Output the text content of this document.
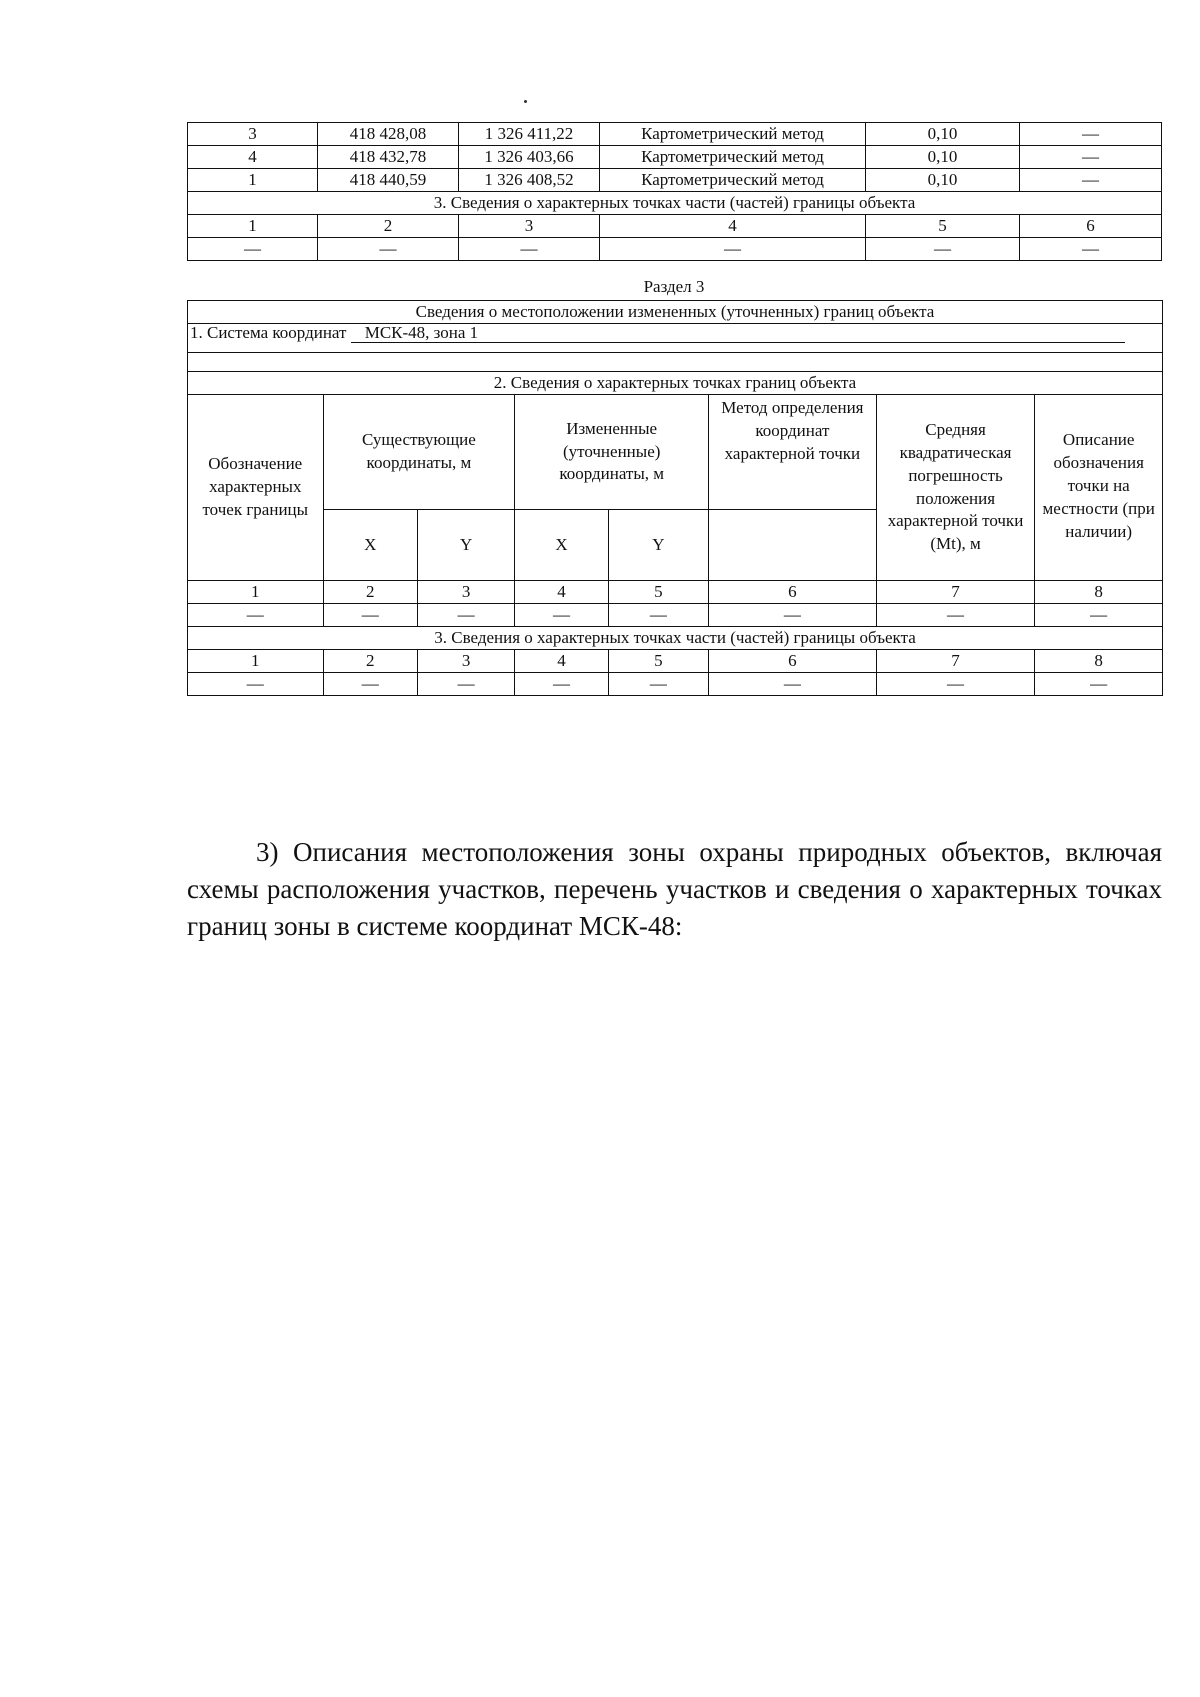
3	418 428,08	1 326 411,22	Картометрический метод	0,10	—
4	418 432,78	1 326 403,66	Картометрический метод	0,10	—
1	418 440,59	1 326 408,52	Картометрический метод	0,10	—
3. Сведения о характерных точках части (частей) границы объекта					
1	2	3	4	5	6
—	—	—	—	—	—
Раздел 3
Сведения о местоположении измененных (уточненных) границ объекта							
1. Система координат МСК-48, зона 1							

2. Сведения о характерных точках границ объекта							
Обозначение характерных точек границы	Существующие координаты, м		Измененные (уточненные) координаты, м		Метод определения координат характерной точки	Средняя квадратическая погрешность положения характерной точки (Mt), м	Описание обозначения точки на местности (при наличии)
	X	Y	X	Y			
1	2	3	4	5	6	7	8
—	—	—	—	—	—	—	—
3. Сведения о характерных точках части (частей) границы объекта							
1	2	3	4	5	6	7	8
—	—	—	—	—	—	—	—

3) Описания местоположения зоны охраны природных объектов, включая схемы расположения участков, перечень участков и сведения о характерных точках границ зоны в системе координат МСК-48:
